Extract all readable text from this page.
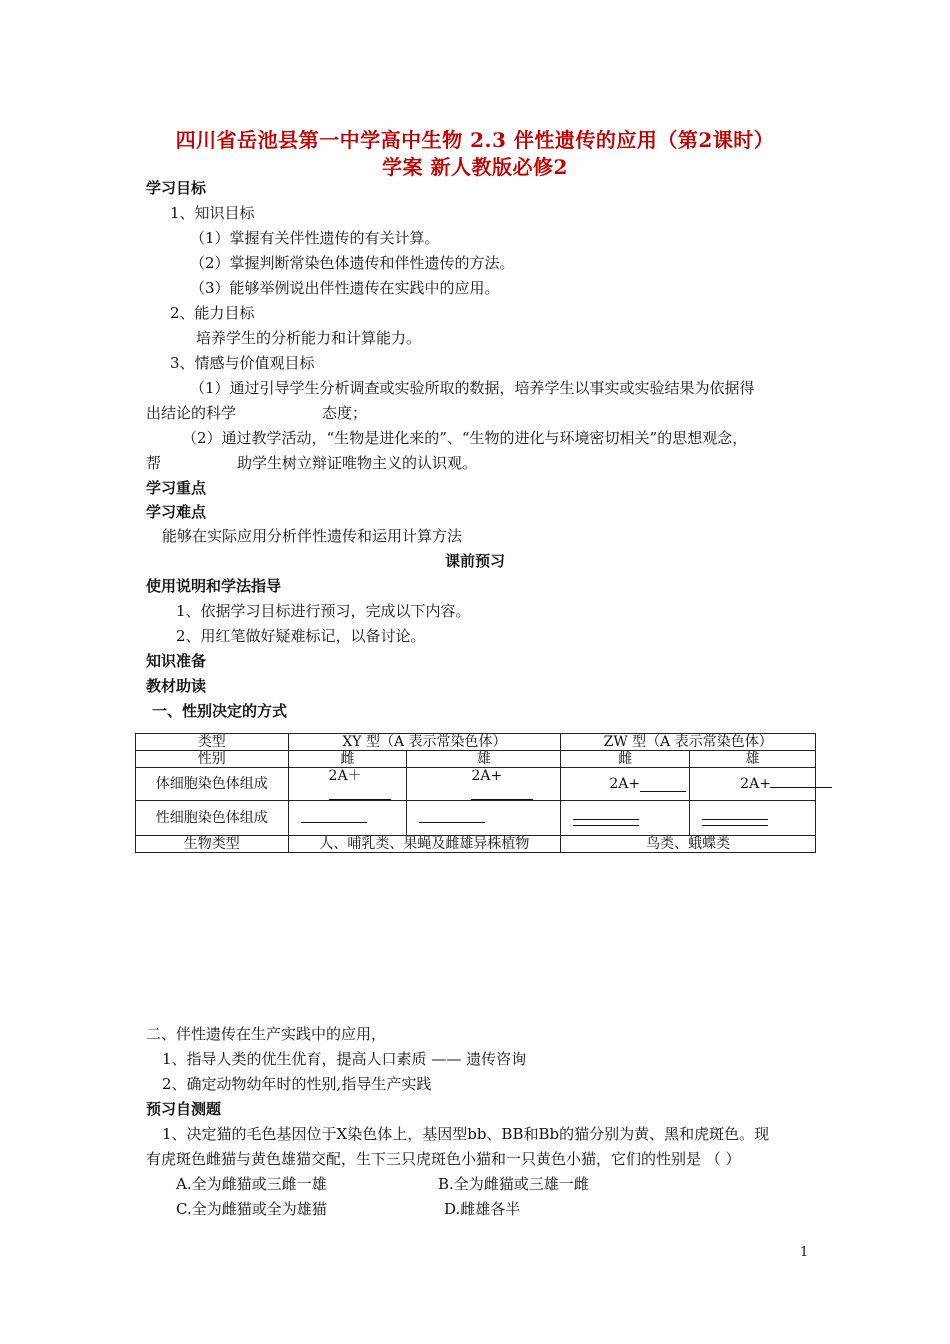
四川省岳池县第一中学高中生物 2.3 伴性遗传的应用（第2课时）
学案 新人教版必修2
学习目标
1、知识目标
（1）掌握有关伴性遗传的有关计算。
（2）掌握判断常染色体遗传和伴性遗传的方法。
（3）能够举例说出伴性遗传在实践中的应用。
2、能力目标
培养学生的分析能力和计算能力。
3、情感与价值观目标
（1）通过引导学生分析调查或实验所取的数据，培养学生以事实或实验结果为依据得
出结论的科学	态度；
（2）通过教学活动，“生物是进化来的”、“生物的进化与环境密切相关”的思想观念，
帮	助学生树立辩证唯物主义的认识观。
学习重点
学习难点
能够在实际应用分析伴性遗传和运用计算方法
课前预习
使用说明和学法指导
1、依据学习目标进行预习，完成以下内容。
2、用红笔做好疑难标记，以备讨论。
知识准备
教材助读
一、性别决定的方式
类型	XY 型（A 表示常染色体）		ZW 型（A 表示常染色体）	
性别	雌	雄	雌	雄
体细胞染色体组成	2A＋	2A+	2A+	2A+
性细胞染色体组成	

生物类型	人、哺乳类、果蝇及雌雄异株植物		鸟类、蛾蝶类	
二、伴性遗传在生产实践中的应用，
1、指导人类的优生优育，提高人口素质 —— 遗传咨询
2、确定动物幼年时的性别,指导生产实践
预习自测题
1、决定猫的毛色基因位于X染色体上，基因型bb、BB和Bb的猫分别为黄、黑和虎斑色。现
有虎斑色雌猫与黄色雄猫交配，生下三只虎斑色小猫和一只黄色小猫，它们的性别是 （ ）
A.全为雌猫或三雌一雄	B.全为雌猫或三雄一雌
C.全为雌猫或全为雄猫	D.雌雄各半
1
